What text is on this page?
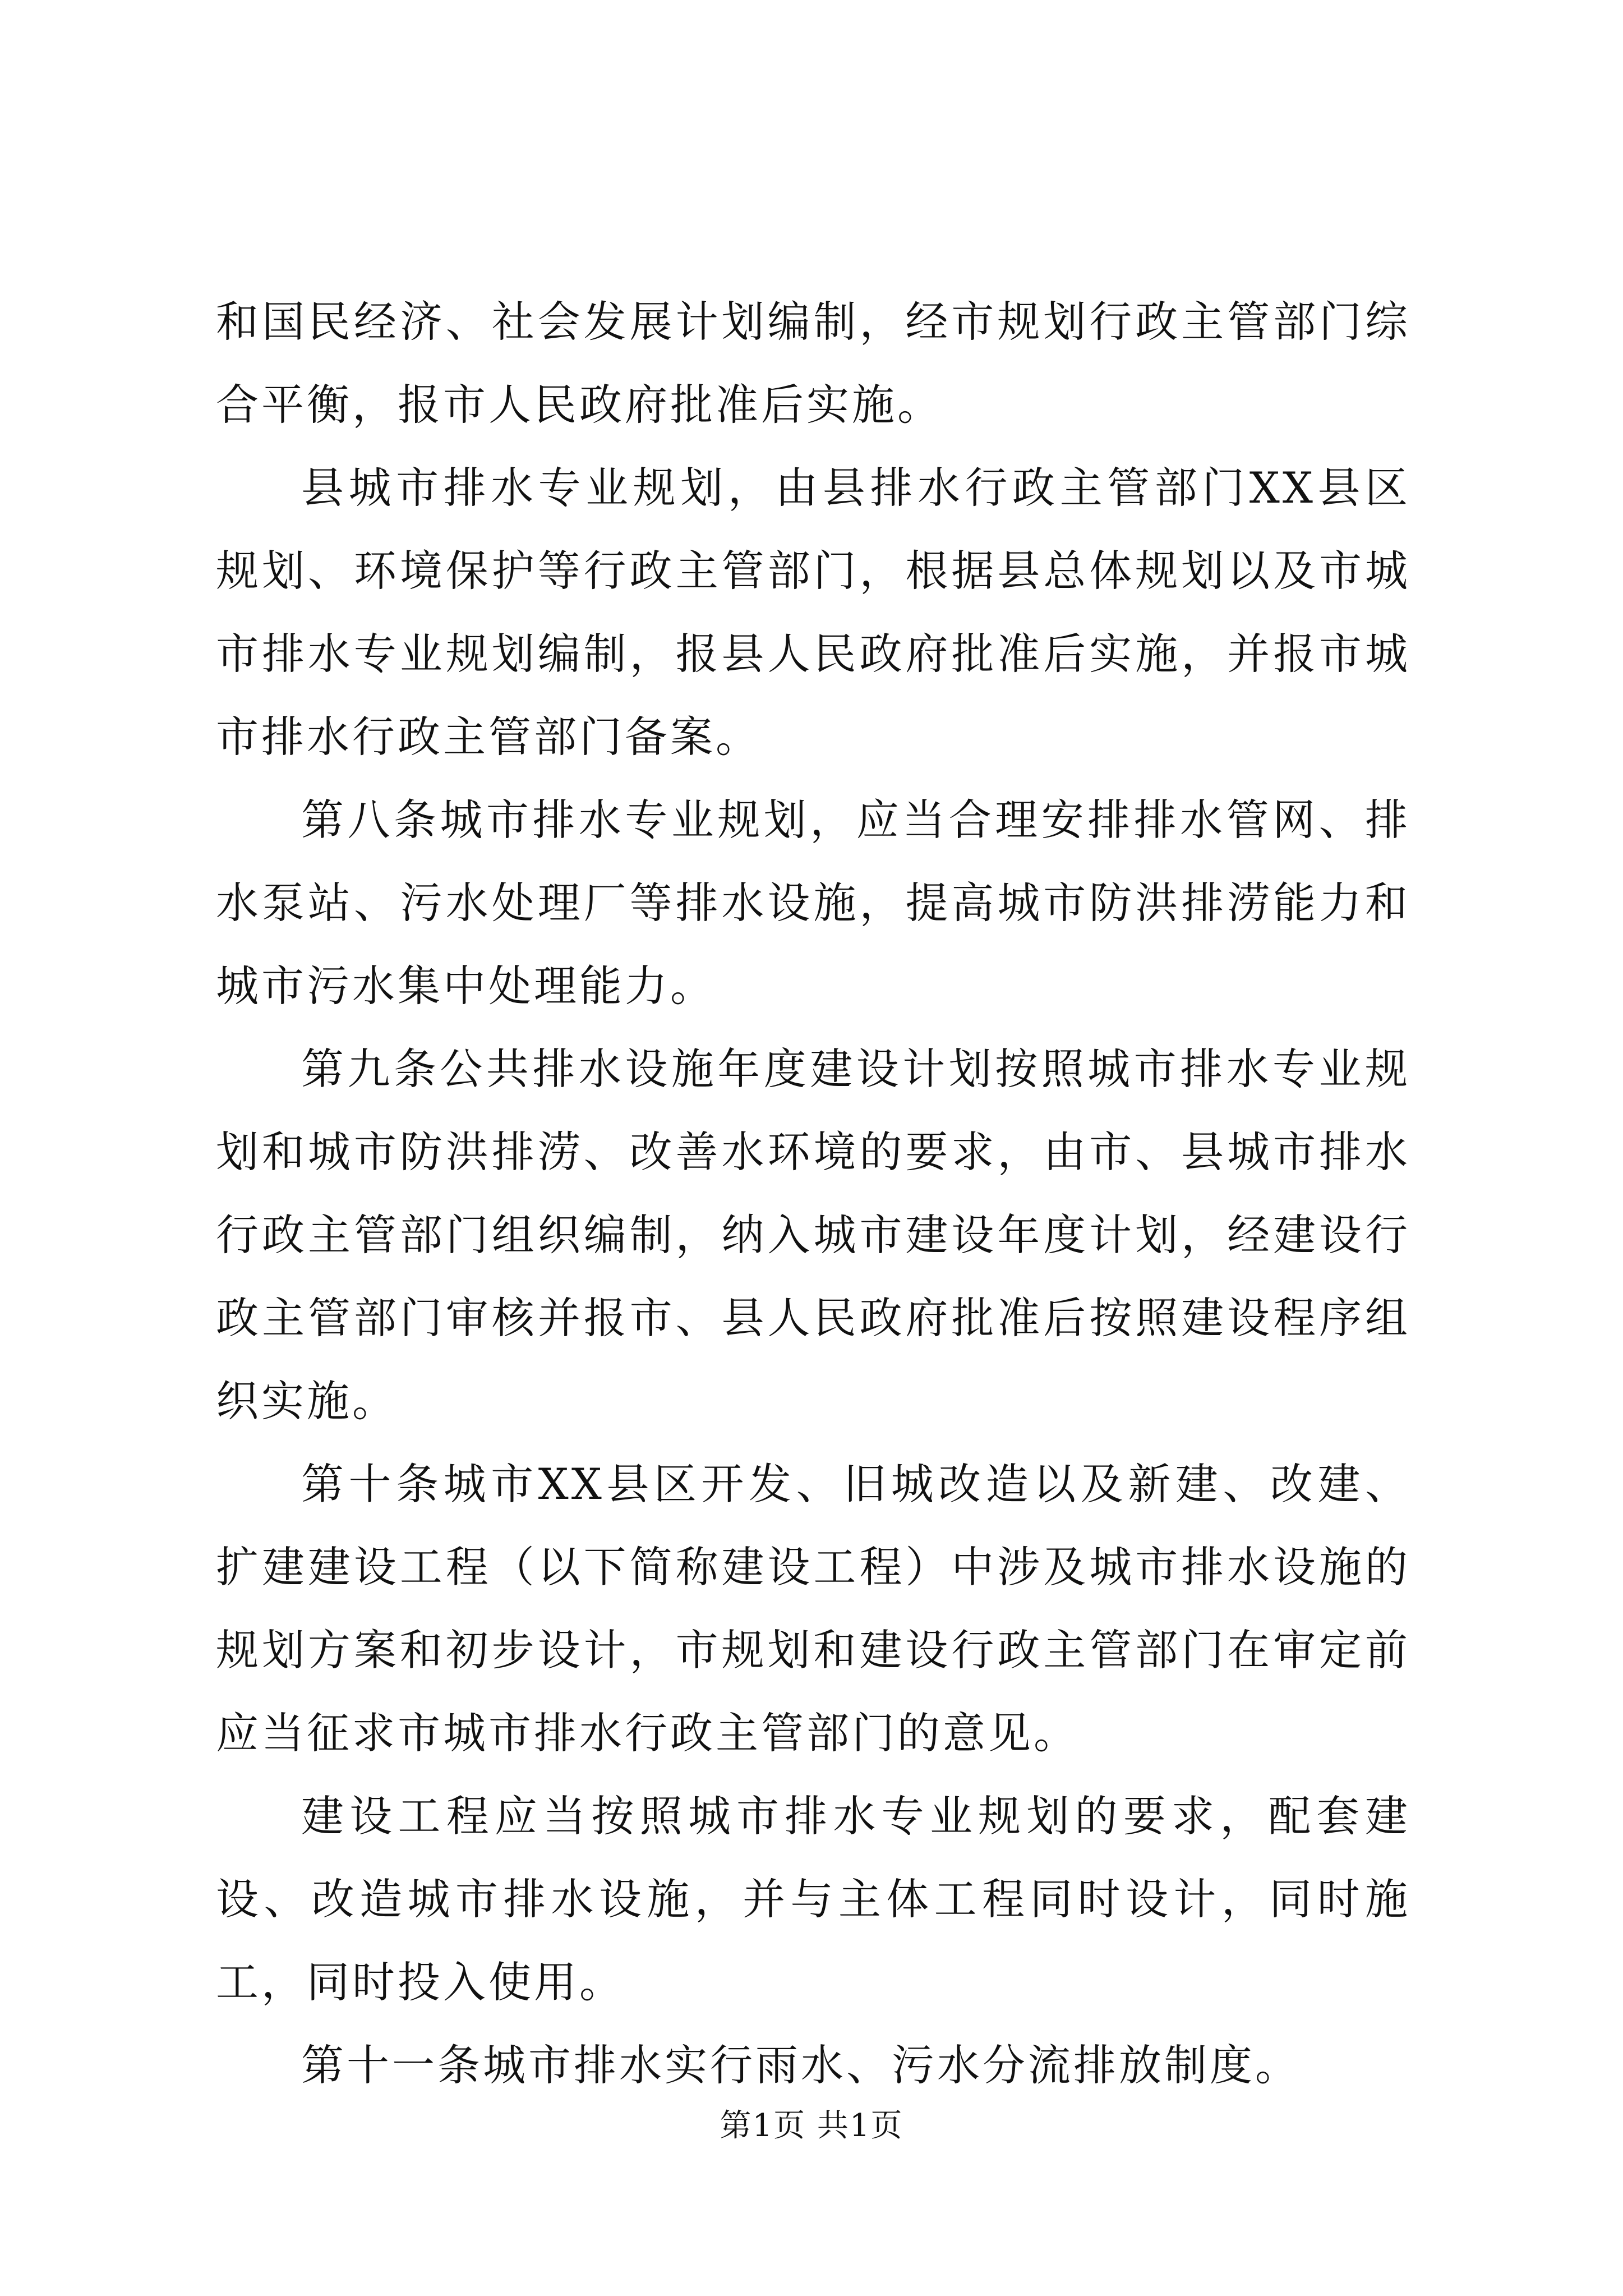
和国民经济、社会发展计划编制，经市规划行政主管部门综合平衡，报市人民政府批准后实施。

县城市排水专业规划，由县排水行政主管部门XX县区规划、环境保护等行政主管部门，根据县总体规划以及市城市排水专业规划编制，报县人民政府批准后实施，并报市城市排水行政主管部门备案。

第八条城市排水专业规划，应当合理安排排水管网、排水泵站、污水处理厂等排水设施，提高城市防洪排涝能力和城市污水集中处理能力。

第九条公共排水设施年度建设计划按照城市排水专业规划和城市防洪排涝、改善水环境的要求，由市、县城市排水行政主管部门组织编制，纳入城市建设年度计划，经建设行政主管部门审核并报市、县人民政府批准后按照建设程序组织实施。

第十条城市XX县区开发、旧城改造以及新建、改建、扩建建设工程（以下简称建设工程）中涉及城市排水设施的规划方案和初步设计，市规划和建设行政主管部门在审定前应当征求市城市排水行政主管部门的意见。

建设工程应当按照城市排水专业规划的要求，配套建设、改造城市排水设施，并与主体工程同时设计，同时施工，同时投入使用。

第十一条城市排水实行雨水、污水分流排放制度。

第1页 共1页
